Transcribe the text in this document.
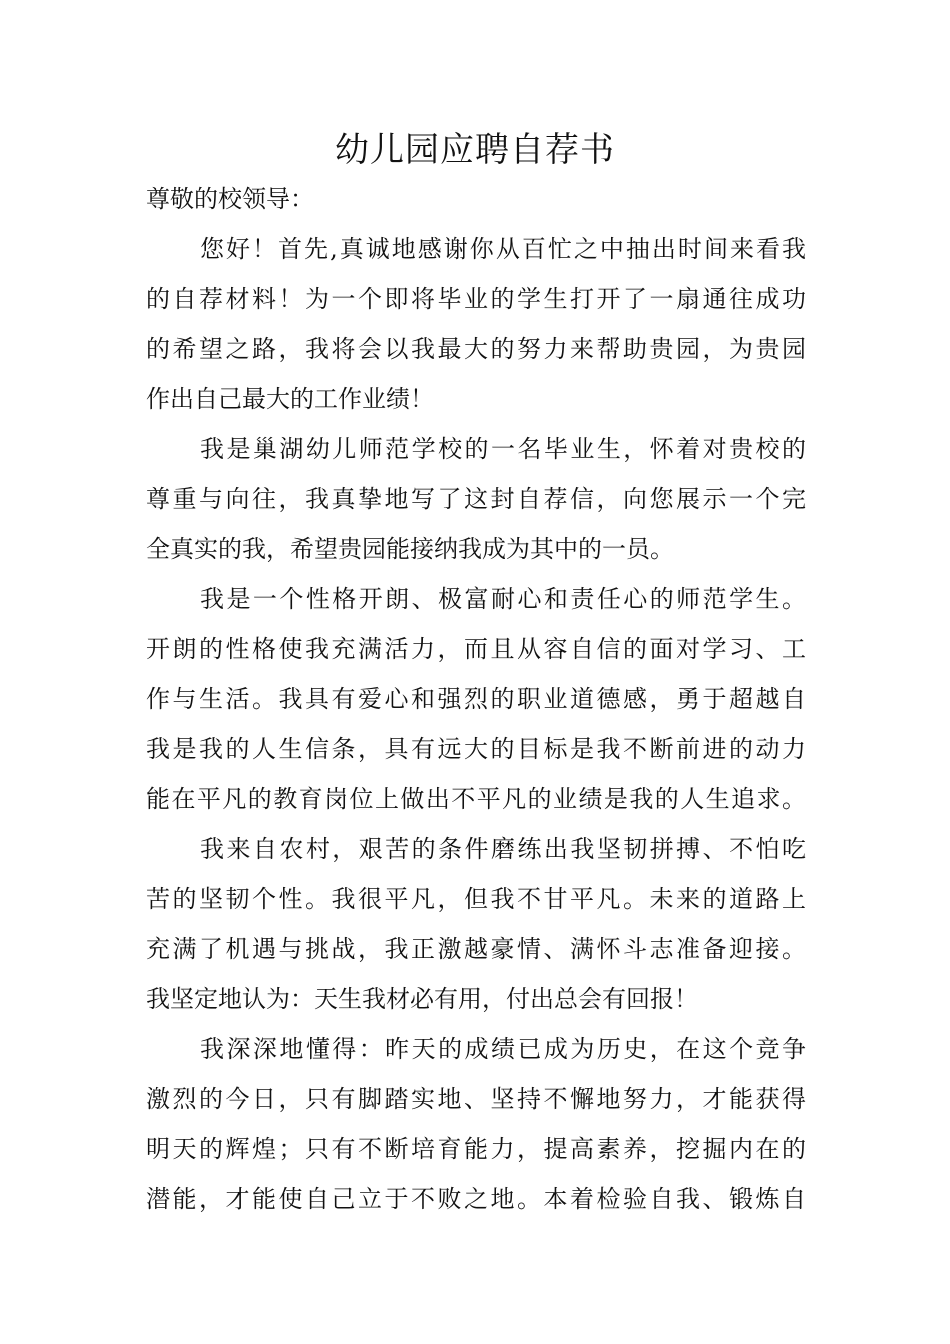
幼儿园应聘自荐书

尊敬的校领导：

您好！首先,真诚地感谢你从百忙之中抽出时间来看我

的自荐材料！为一个即将毕业的学生打开了一扇通往成功

的希望之路，我将会以我最大的努力来帮助贵园，为贵园

作出自己最大的工作业绩！

我是巢湖幼儿师范学校的一名毕业生，怀着对贵校的

尊重与向往，我真挚地写了这封自荐信，向您展示一个完

全真实的我，希望贵园能接纳我成为其中的一员。

我是一个性格开朗、极富耐心和责任心的师范学生。

开朗的性格使我充满活力，而且从容自信的面对学习、工

作与生活。我具有爱心和强烈的职业道德感，勇于超越自

我是我的人生信条，具有远大的目标是我不断前进的动力

能在平凡的教育岗位上做出不平凡的业绩是我的人生追求。

我来自农村，艰苦的条件磨练出我坚韧拼搏、不怕吃

苦的坚韧个性。我很平凡，但我不甘平凡。未来的道路上

充满了机遇与挑战，我正激越豪情、满怀斗志准备迎接。

我坚定地认为：天生我材必有用，付出总会有回报！

我深深地懂得：昨天的成绩已成为历史，在这个竞争

激烈的今日，只有脚踏实地、坚持不懈地努力，才能获得

明天的辉煌；只有不断培育能力，提高素养，挖掘内在的

潜能，才能使自己立于不败之地。本着检验自我、锻炼自
